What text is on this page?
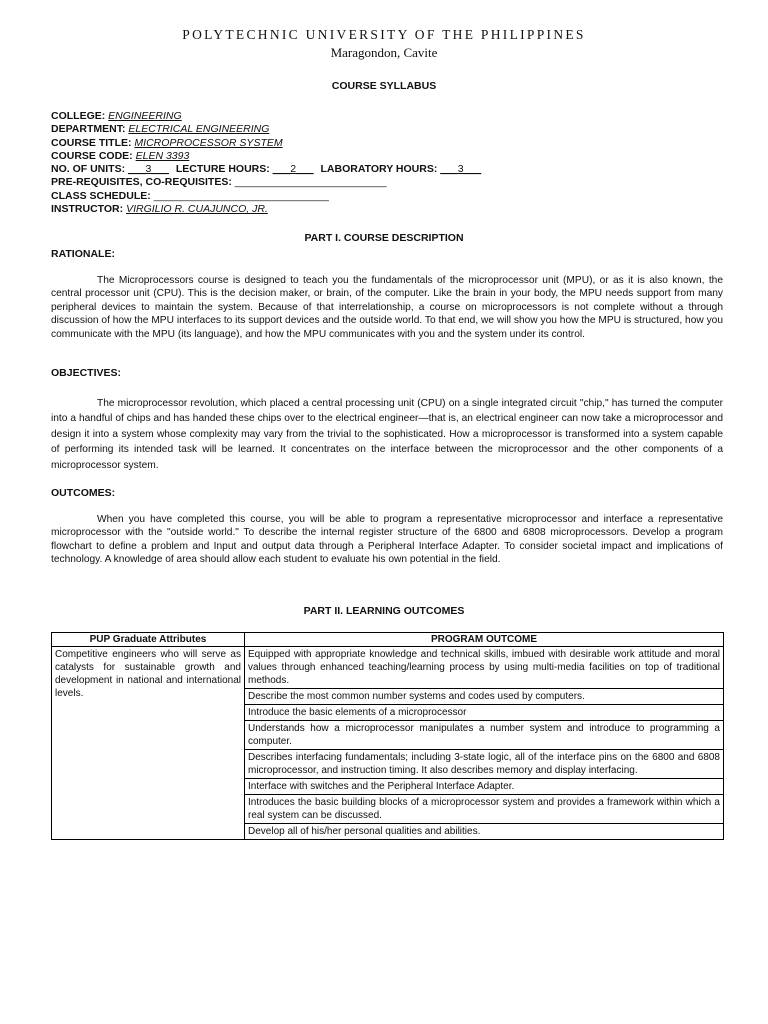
POLYTECHNIC UNIVERSITY OF THE PHILIPPINES
Maragondon, Cavite
COURSE SYLLABUS
COLLEGE: ENGINEERING
DEPARTMENT: ELECTRICAL ENGINEERING
COURSE TITLE: MICROPROCESSOR SYSTEM
COURSE CODE: ELEN 3393
NO. OF UNITS: ___3___ LECTURE HOURS: ___2___ LABORATORY HOURS: ___3___
PRE-REQUISITES, CO-REQUISITES: __________________________
CLASS SCHEDULE: ______________________________
INSTRUCTOR: VIRGILIO R. CUAJUNCO, JR.
PART I. COURSE DESCRIPTION
RATIONALE:

The Microprocessors course is designed to teach you the fundamentals of the microprocessor unit (MPU), or as it is also known, the central processor unit (CPU). This is the decision maker, or brain, of the computer. Like the brain in your body, the MPU needs support from many peripheral devices to maintain the system. Because of that interrelationship, a course on microprocessors is not complete without a through discussion of how the MPU interfaces to its support devices and the outside world. To that end, we will show you how the MPU is structured, how you communicate with the MPU (its language), and how the MPU communicates with you and the system under its control.

OBJECTIVES:

The microprocessor revolution, which placed a central processing unit (CPU) on a single integrated circuit "chip," has turned the computer into a handful of chips and has handed these chips over to the electrical engineer—that is, an electrical engineer can now take a microprocessor and design it into a system whose complexity may vary from the trivial to the sophisticated. How a microprocessor is transformed into a system capable of performing its intended task will be learned. It concentrates on the interface between the microprocessor and the other components of a microprocessor system.

OUTCOMES:

When you have completed this course, you will be able to program a representative microprocessor and interface a representative microprocessor with the "outside world." To describe the internal register structure of the 6800 and 6808 microprocessors. Develop a program flowchart to define a problem and Input and output data through a Peripheral Interface Adapter. To consider societal impact and implications of technology. A knowledge of area should allow each student to evaluate his own potential in the field.

PART II. LEARNING OUTCOMES
PUP Graduate Attributes	PROGRAM OUTCOME
Competitive engineers who will serve as catalysts for sustainable growth and development in national and international levels.	Equipped with appropriate knowledge and technical skills, imbued with desirable work attitude and moral values through enhanced teaching/learning process by using multi-media facilities on top of traditional methods.
	Describe the most common number systems and codes used by computers.
	Introduce the basic elements of a microprocessor
	Understands how a microprocessor manipulates a number system and introduce to programming a computer.
	Describes interfacing fundamentals; including 3-state logic, all of the interface pins on the 6800 and 6808 microprocessor, and instruction timing. It also describes memory and display interfacing.
	Interface with switches and the Peripheral Interface Adapter.
	Introduces the basic building blocks of a microprocessor system and provides a framework within which a real system can be discussed.
	Develop all of his/her personal qualities and abilities.
